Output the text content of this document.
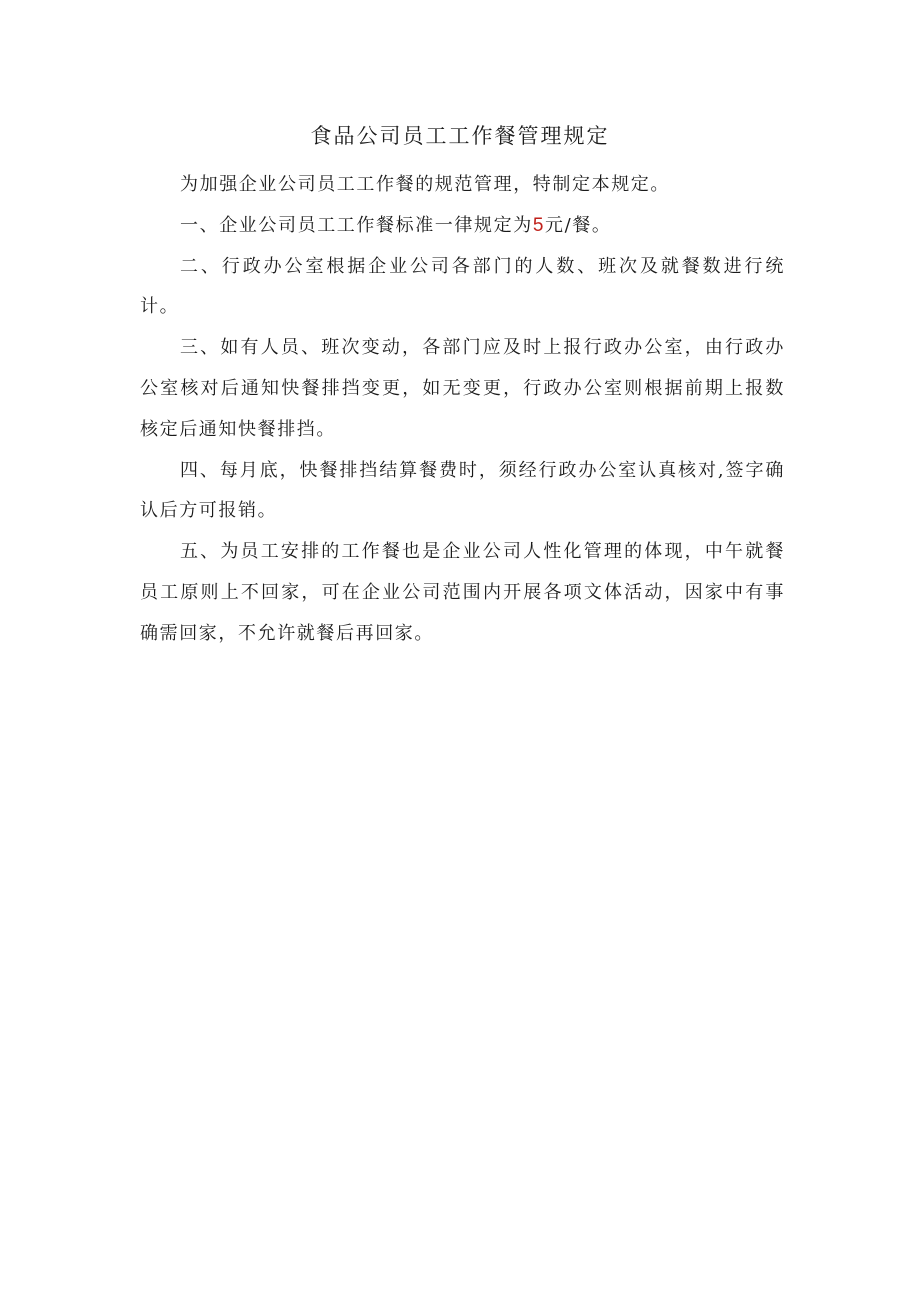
食品公司员工工作餐管理规定

为加强企业公司员工工作餐的规范管理，特制定本规定。

一、企业公司员工工作餐标准一律规定为5元/餐。

二、行政办公室根据企业公司各部门的人数、班次及就餐数进行统计。

三、如有人员、班次变动，各部门应及时上报行政办公室，由行政办公室核对后通知快餐排挡变更，如无变更，行政办公室则根据前期上报数核定后通知快餐排挡。

四、每月底，快餐排挡结算餐费时，须经行政办公室认真核对,签字确认后方可报销。

五、为员工安排的工作餐也是企业公司人性化管理的体现，中午就餐员工原则上不回家，可在企业公司范围内开展各项文体活动，因家中有事确需回家，不允许就餐后再回家。
